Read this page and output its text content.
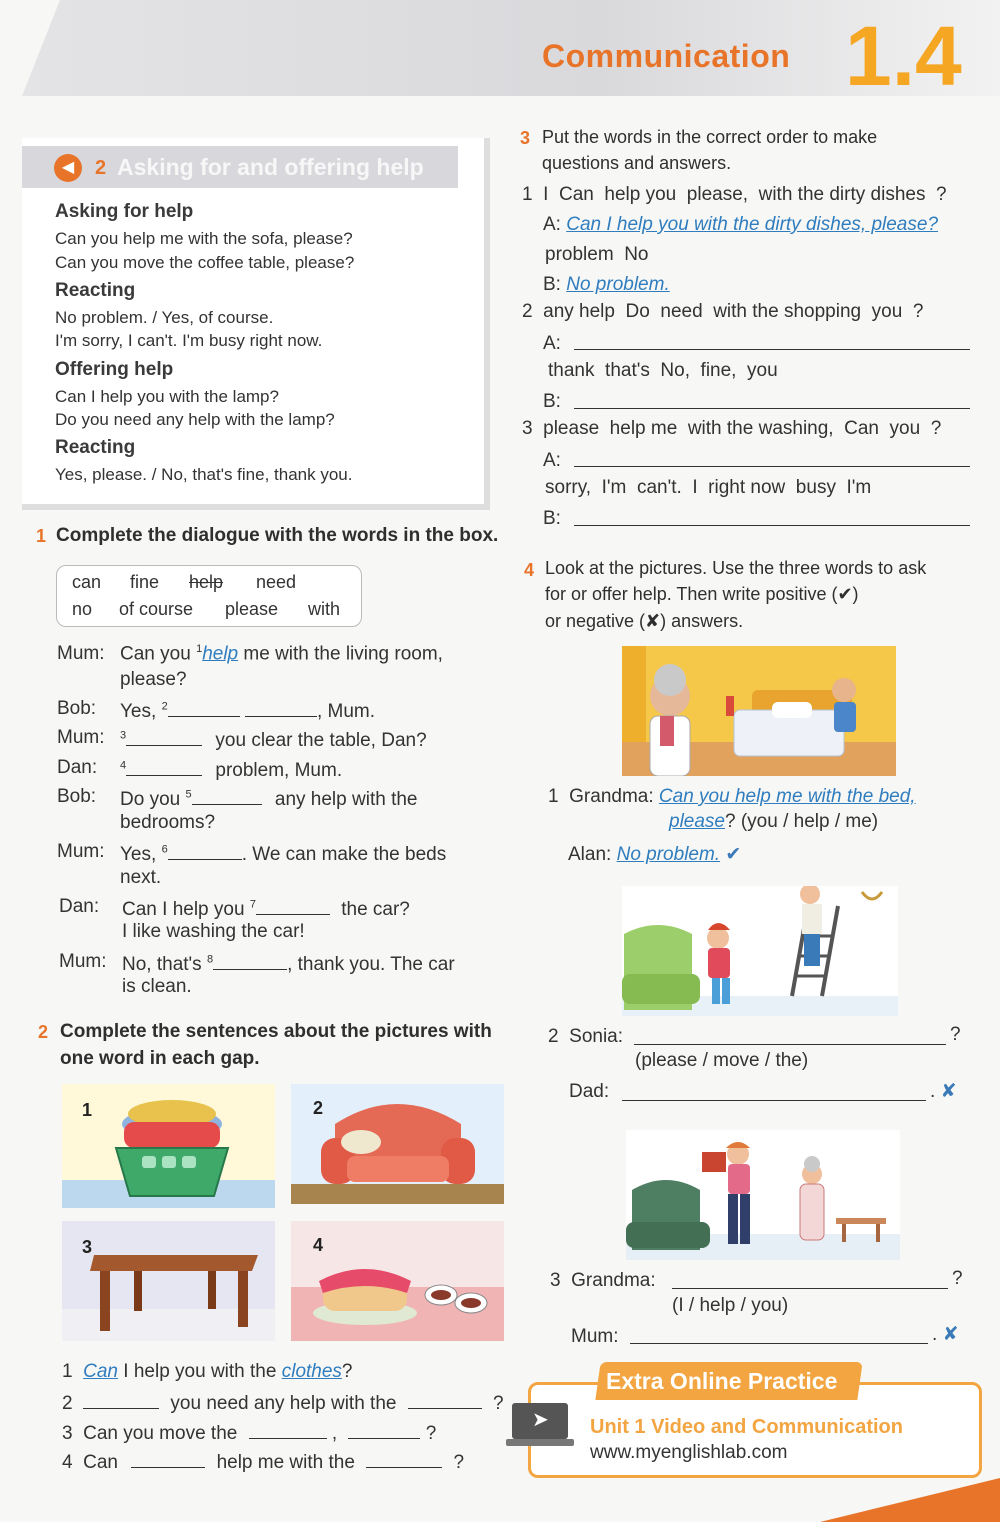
Communication 1.4
◀	2 Asking for and offering help
Asking for help
Can you help me with the sofa, please?
Can you move the coffee table, please?
Reacting
No problem. / Yes, of course.
I'm sorry, I can't. I'm busy right now.
Offering help
Can I help you with the lamp?
Do you need any help with the lamp?
Reacting
Yes, please. / No, that's fine, thank you.
1 Complete the dialogue with the words in the box.
can fine help need
no of course please with
Mum: Can you $^1$help me with the living room,
please?
Bob: Yes, $^2$	, Mum.
Mum: $^3$	you clear the table, Dan?
Dan: $^4$	problem, Mum.
Bob: Do you $^5$	any help with the
bedrooms?
Mum: Yes, $^6$	. We can make the beds
next.
Dan: Can I help you $^7$	the car?
I like washing the car!
Mum: No, that's $^8$	, thank you. The car
is clean.
2 Complete the sentences about the pictures with
one word in each gap.
1	2
3	4
1 Can I help you with the clothes?
2	you need any help with the	?
3 Can you move the	,	?
4 Can	help me with the	?
3 Put the words in the correct order to make
questions and answers.
1 I  Can  help you  please,  with the dirty dishes  ?
A: Can I help you with the dirty dishes, please?
problem  No
B: No problem.
2 any help  Do  need  with the shopping  you  ?
A:
thank  that's  No,  fine,  you
B:
3 please  help me  with the washing,  Can  you  ?
A:
sorry,  I'm  can't.  I  right now  busy  I'm
B:
4 Look at the pictures. Use the three words to ask
for or offer help. Then write positive (✔)
or negative (✘) answers.
1 Grandma: Can you help me with the bed,
please? (you / help / me)
Alan: No problem. ✔
2 Sonia:	?
(please / move / the)
Dad:	. ✘
3 Grandma:	?
(I / help / you)
Mum:	. ✘
Extra Online Practice
➤ Unit 1 Video and Communication
www.myenglishlab.com
